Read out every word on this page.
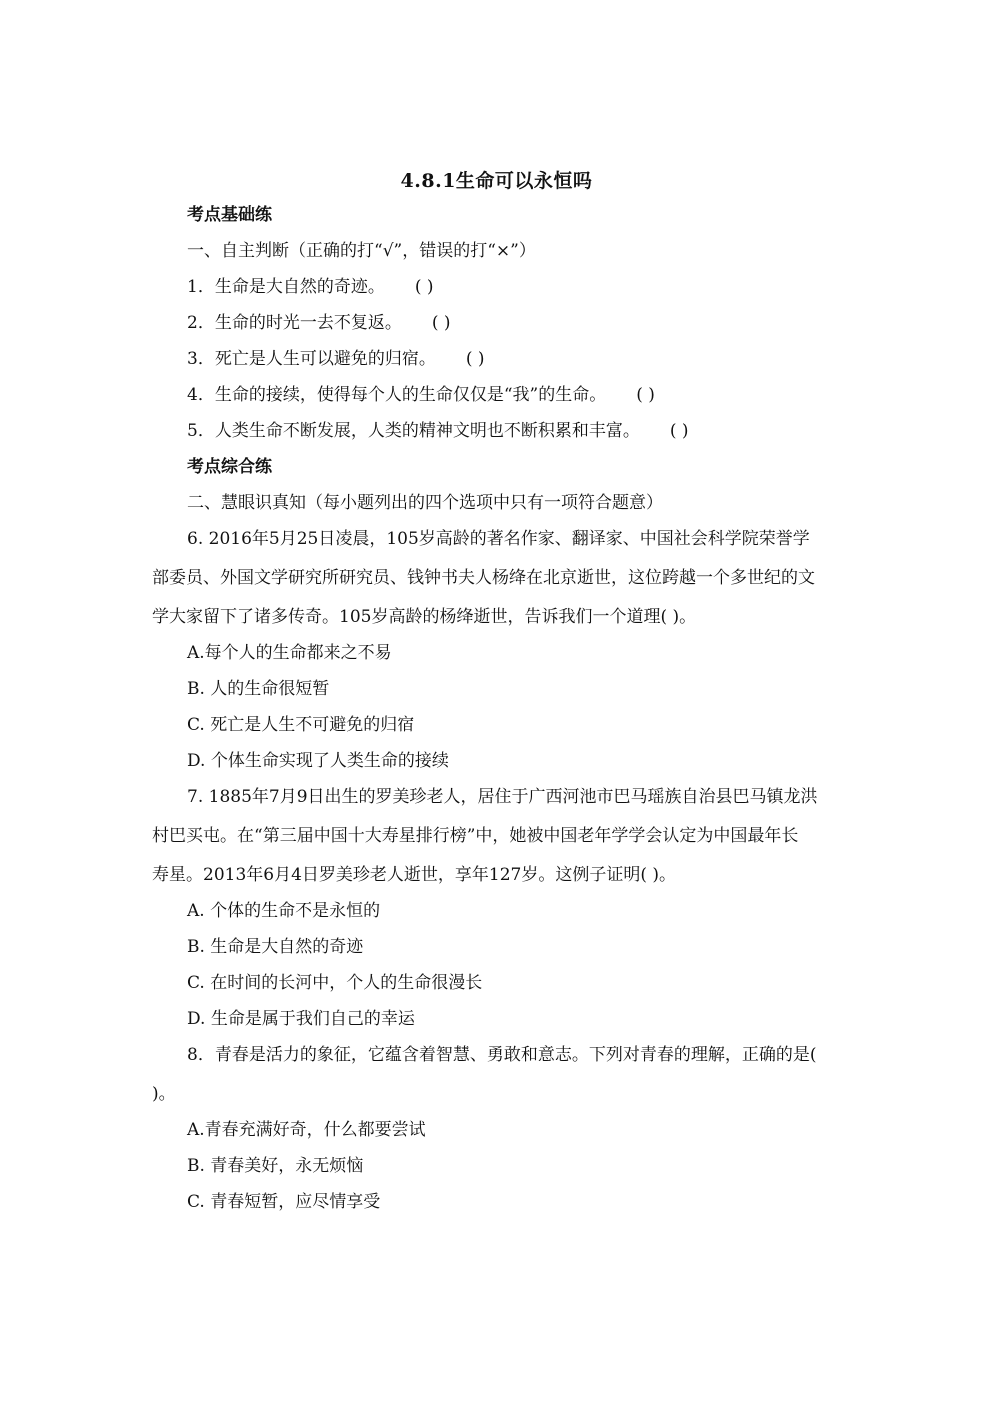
4.8.1生命可以永恒吗
考点基础练
一、自主判断（正确的打“√”，错误的打“×”）
1．生命是大自然的奇迹。 ( )
2．生命的时光一去不复返。 ( )
3．死亡是人生可以避免的归宿。 ( )
4．生命的接续，使得每个人的生命仅仅是“我”的生命。 ( )
5．人类生命不断发展，人类的精神文明也不断积累和丰富。 ( )
考点综合练
二、慧眼识真知（每小题列出的四个选项中只有一项符合题意）
6. 2016年5月25日凌晨，105岁高龄的著名作家、翻译家、中国社会科学院荣誉学
部委员、外国文学研究所研究员、钱钟书夫人杨绛在北京逝世，这位跨越一个多世纪的文
学大家留下了诸多传奇。105岁高龄的杨绛逝世，告诉我们一个道理( )。
A.每个人的生命都来之不易
B. 人的生命很短暂
C. 死亡是人生不可避免的归宿
D. 个体生命实现了人类生命的接续
7. 1885年7月9日出生的罗美珍老人，居住于广西河池市巴马瑶族自治县巴马镇龙洪
村巴买屯。在“第三届中国十大寿星排行榜”中，她被中国老年学学会认定为中国最年长
寿星。2013年6月4日罗美珍老人逝世，享年127岁。这例子证明( )。
A. 个体的生命不是永恒的
B. 生命是大自然的奇迹
C. 在时间的长河中，个人的生命很漫长
D. 生命是属于我们自己的幸运
8．青春是活力的象征，它蕴含着智慧、勇敢和意志。下列对青春的理解，正确的是(
)。
A.青春充满好奇，什么都要尝试
B. 青春美好，永无烦恼
C. 青春短暂，应尽情享受
